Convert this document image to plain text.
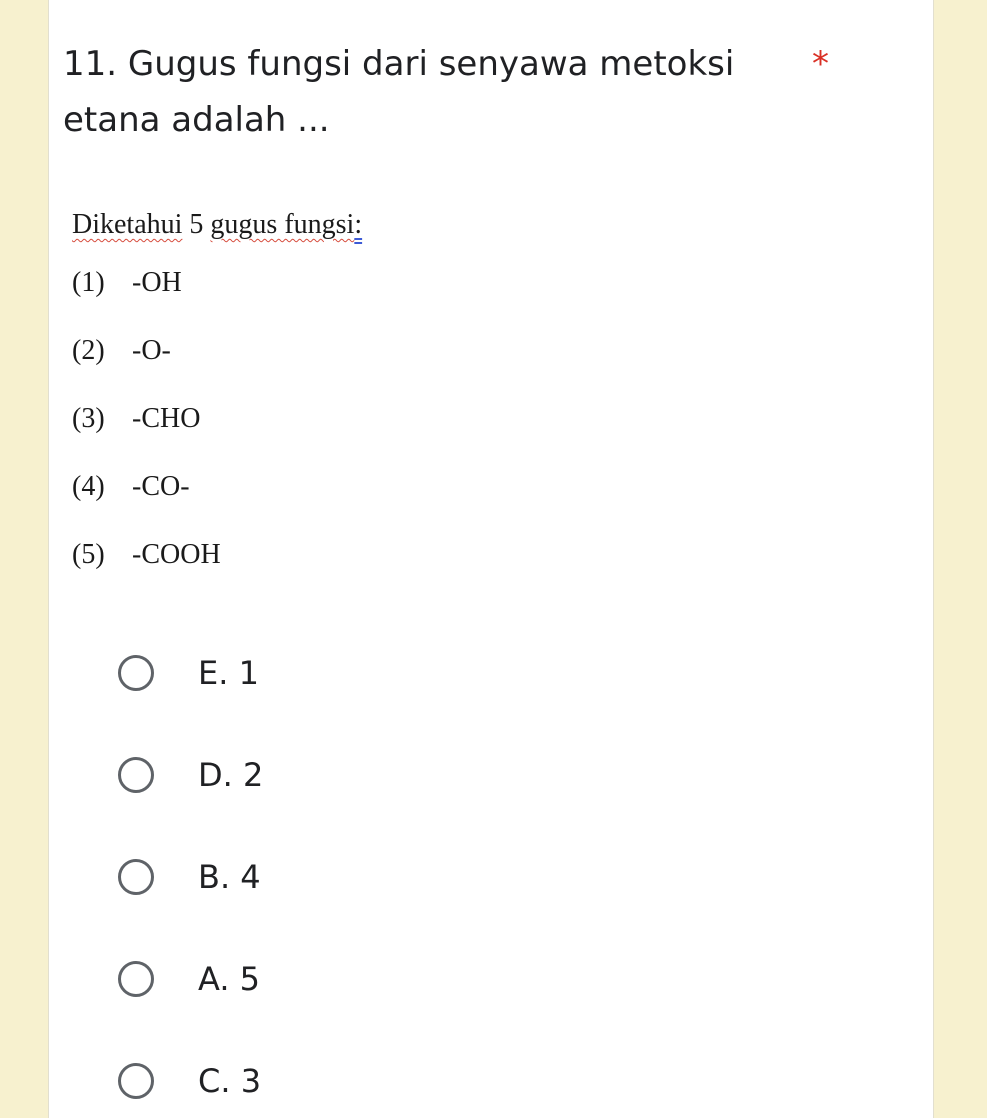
11. Gugus fungsi dari senyawa metoksi etana adalah ...
*
Diketahui 5 gugus fungsi:
(1) -OH
(2) -O-
(3) -CHO
(4) -CO-
(5) -COOH
E. 1
D. 2
B. 4
A. 5
C. 3
